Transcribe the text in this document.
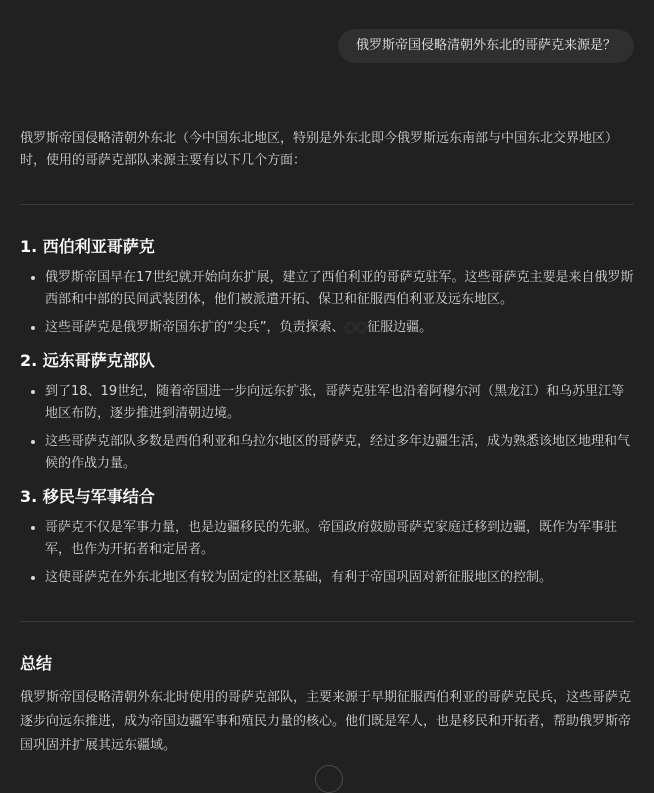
俄罗斯帝国侵略清朝外东北的哥萨克来源是？

俄罗斯帝国侵略清朝外东北（今中国东北地区，特别是外东北即今俄罗斯远东南部与中国东北交界地区）时，使用的哥萨克部队来源主要有以下几个方面：

1. 西伯利亚哥萨克
• 俄罗斯帝国早在17世纪就开始向东扩展，建立了西伯利亚的哥萨克驻军。这些哥萨克主要是来自俄罗斯西部和中部的民间武装团体，他们被派遣开拓、保卫和征服西伯利亚及远东地区。
• 这些哥萨克是俄罗斯帝国东扩的“尖兵”，负责探索、◌◌征服边疆。
2. 远东哥萨克部队
• 到了18、19世纪，随着帝国进一步向远东扩张，哥萨克驻军也沿着阿穆尔河（黑龙江）和乌苏里江等地区布防，逐步推进到清朝边境。
• 这些哥萨克部队多数是西伯利亚和乌拉尔地区的哥萨克，经过多年边疆生活，成为熟悉该地区地理和气候的作战力量。
3. 移民与军事结合
• 哥萨克不仅是军事力量，也是边疆移民的先驱。帝国政府鼓励哥萨克家庭迁移到边疆，既作为军事驻军，也作为开拓者和定居者。
• 这使哥萨克在外东北地区有较为固定的社区基础，有利于帝国巩固对新征服地区的控制。
总结

俄罗斯帝国侵略清朝外东北时使用的哥萨克部队，主要来源于早期征服西伯利亚的哥萨克民兵，这些哥萨克逐步向远东推进，成为帝国边疆军事和殖民力量的核心。他们既是军人，也是移民和开拓者，帮助俄罗斯帝国巩固并扩展其远东疆域。
